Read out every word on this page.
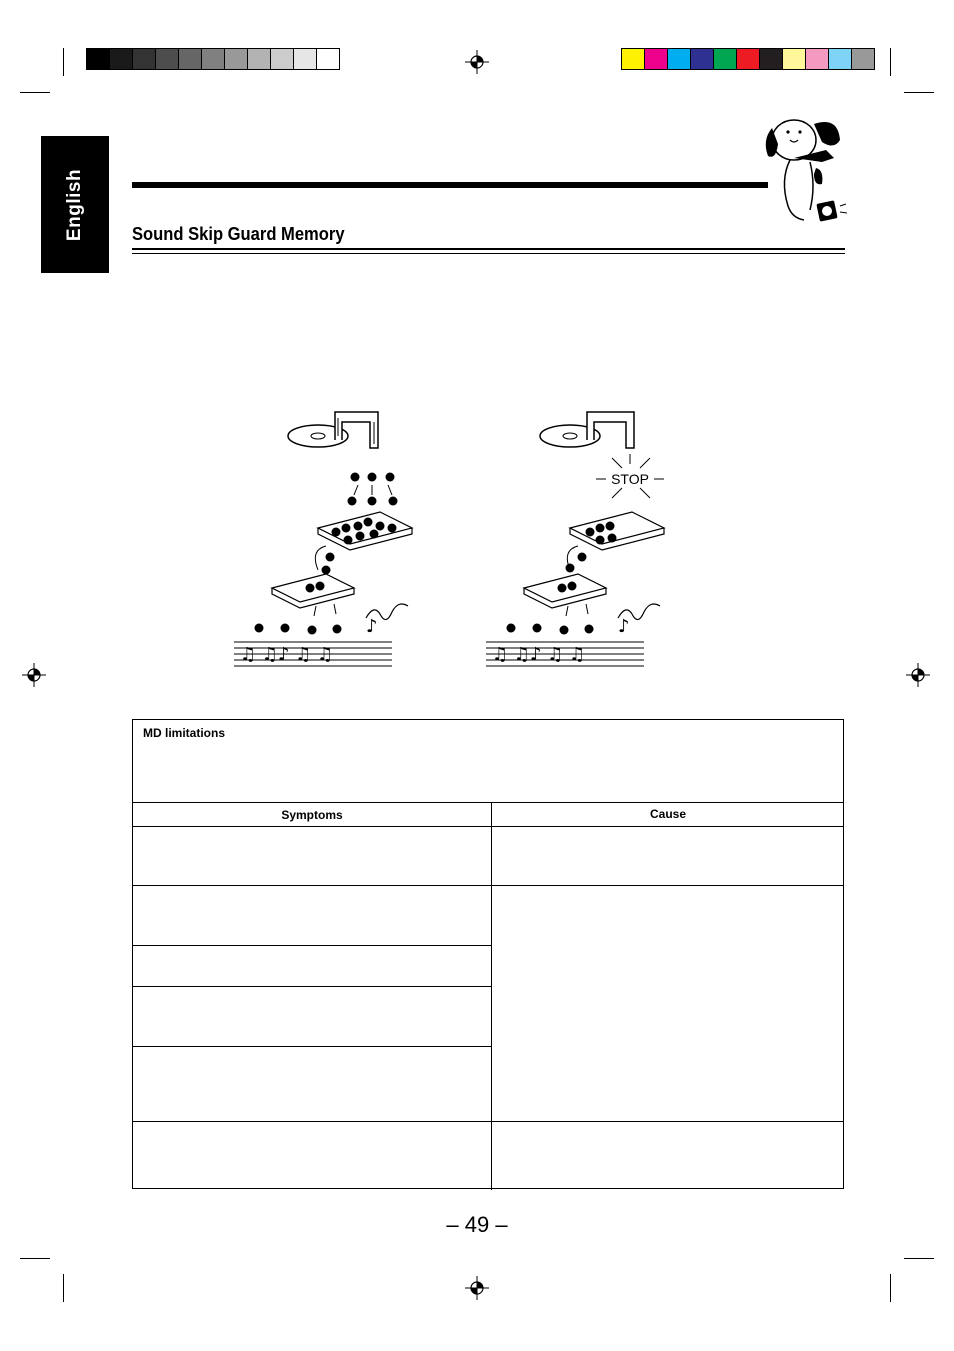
English	Sound Skip Guard Memory
♪
♫ ♫♪ ♫ ♫
STOP
♪
♫ ♫♪ ♫ ♫
MD limitations
Symptoms	Cause
– 49 –
